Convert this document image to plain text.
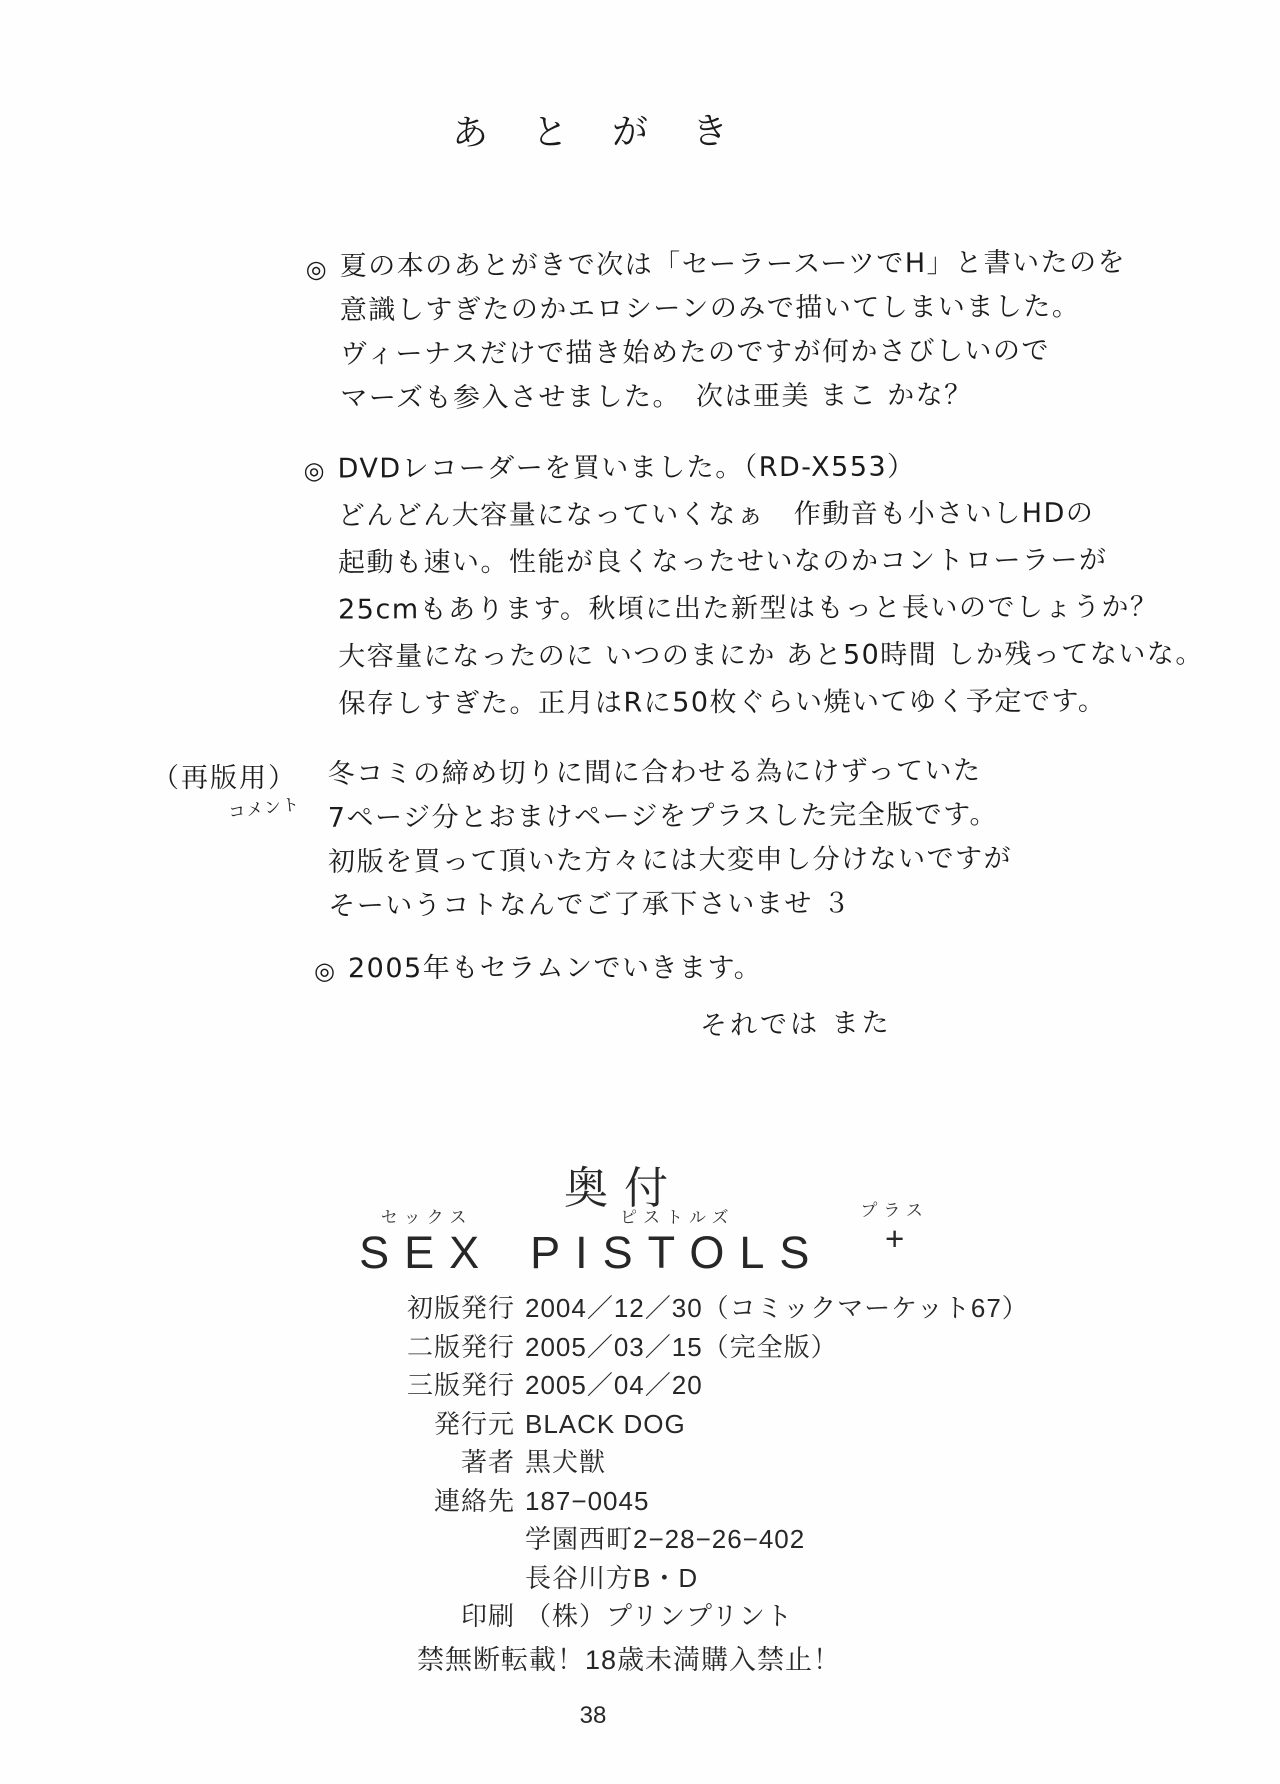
あとがき
◎ 夏の本のあとがきで次は「セーラースーツでH」と書いたのを
意識しすぎたのかエロシーンのみで描いてしまいました。
ヴィーナスだけで描き始めたのですが何かさびしいので
マーズも参入させました。　次は亜美 まこ かな？
◎ DVDレコーダーを買いました。（RD-X553）
どんどん大容量になっていくなぁ　作動音も小さいしHDの
起動も速い。性能が良くなったせいなのかコントローラーが
25cmもあります。秋頃に出た新型はもっと長いのでしょうか？
大容量になったのに いつのまにか あと50時間 しか残ってないな。
保存しすぎた。正月はRに50枚ぐらい焼いてゆく予定です。
（再版用）
コメント
冬コミの締め切りに間に合わせる為にけずっていた
7ページ分とおまけページをプラスした完全版です。
初版を買って頂いた方々には大変申し分けないですが
そーいうコトなんでご了承下さいませ ３
◎ 2005年もセラムンでいきます。
それでは また
奥付
セックス
SEX
ピストルズ
PISTOLS
プラス
+
初版発行 2004／12／30（コミックマーケット67）
二版発行 2005／03／15（完全版）
三版発行 2005／04／20
発行元 BLACK DOG
著者 黒犬獣
連絡先 187−0045
学園西町2−28−26−402
長谷川方B・D
印刷 （株）プリンプリント
禁無断転載！18歳未満購入禁止！
38
